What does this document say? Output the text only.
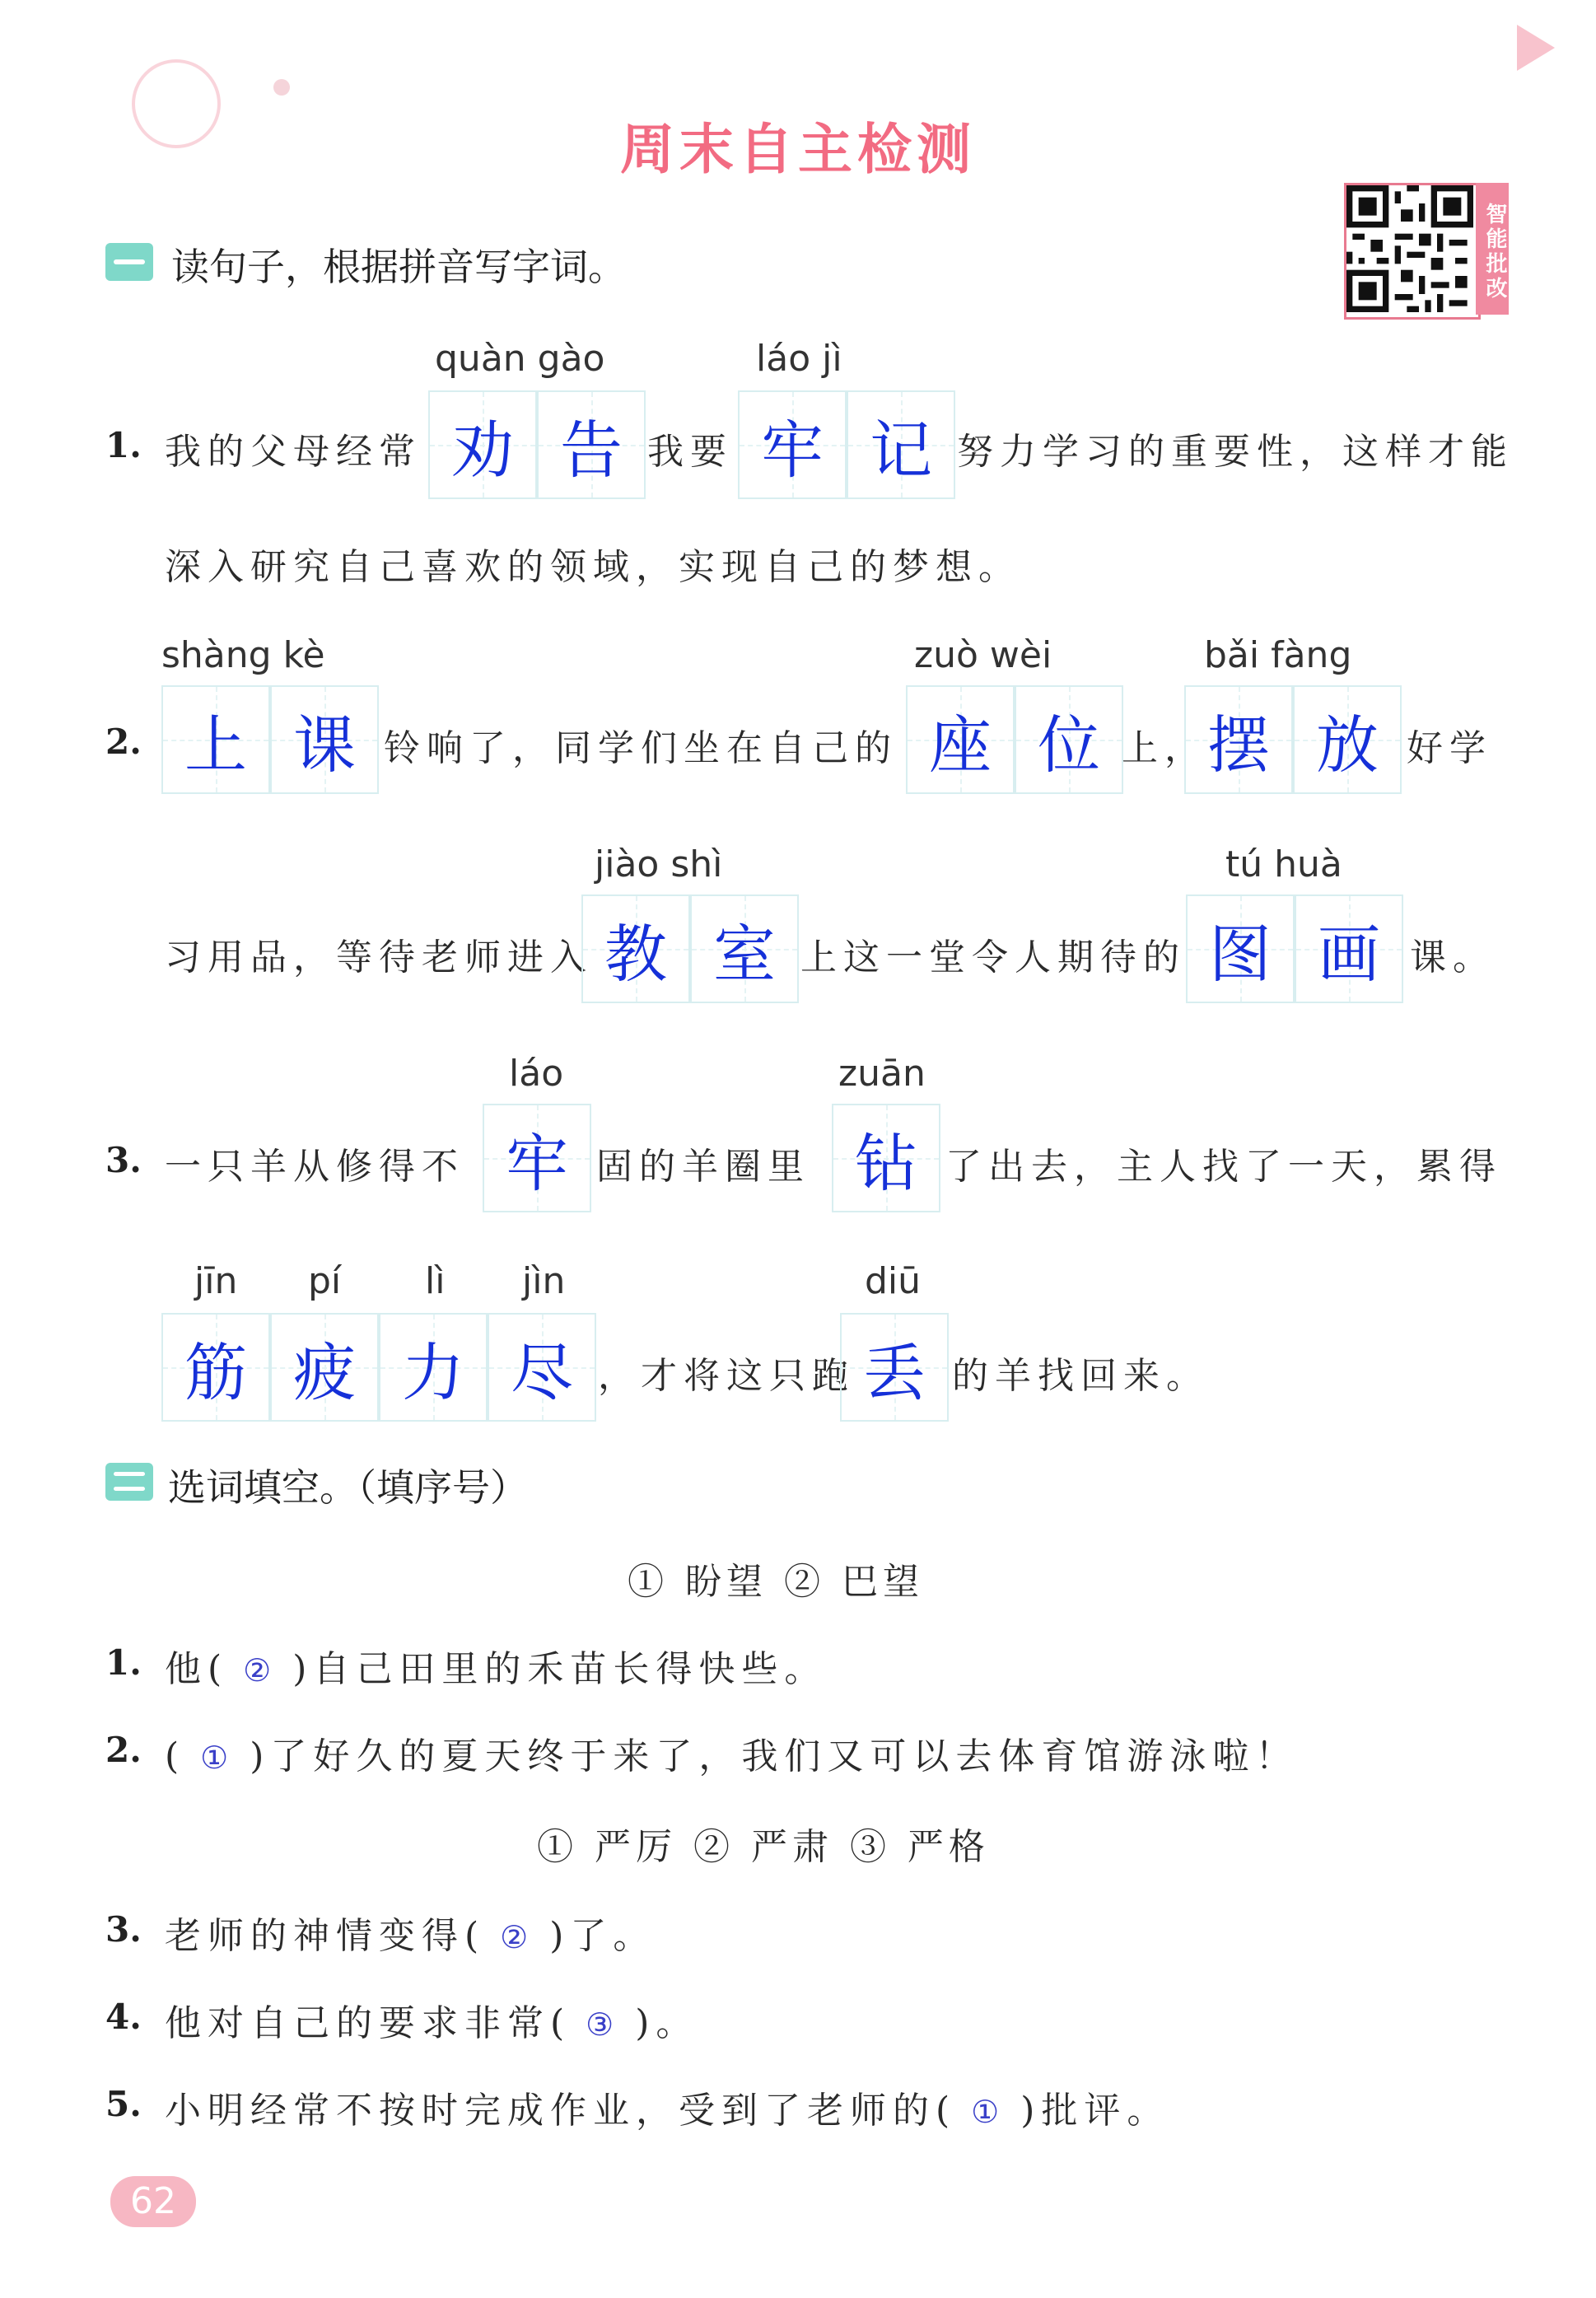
周末自主检测
智能批改
读句子，根据拼音写字词。
quàn gào	láo jì
1. 我的父母经常 劝 告 我要 牢 记 努力学习的重要性，这样才能
深入研究自己喜欢的领域，实现自己的梦想。
shàng kè	zuò wèi	bǎi fàng
2. 上 课 铃响了，同学们坐在自己的 座 位 上， 摆 放 好学
jiào shì	tú huà
习用品，等待老师进入 教 室 上这一堂令人期待的 图 画 课。
láo	zuān
3. 一只羊从修得不 牢 固的羊圈里 钻 了出去，主人找了一天，累得
jīn pí lì jìn	diū
筋 疲 力 尽 ，才将这只跑 丢 的羊找回来。
选词填空。（填序号）
① 盼望 ② 巴望
1. 他( ② )自己田里的禾苗长得快些。
2. ( ① )了好久的夏天终于来了，我们又可以去体育馆游泳啦！
① 严厉 ② 严肃 ③ 严格
3. 老师的神情变得( ② )了。
4. 他对自己的要求非常( ③ )。
5. 小明经常不按时完成作业，受到了老师的( ① )批评。
62
